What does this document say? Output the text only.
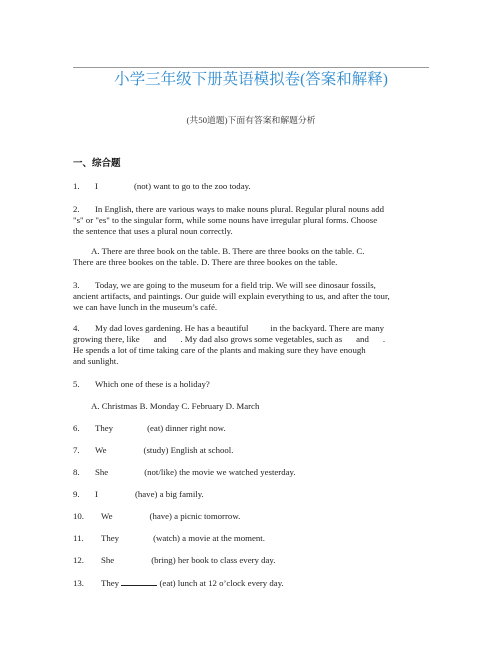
小学三年级下册英语模拟卷(答案和解释)
(共50道题)下面有答案和解题分析
一、综合题
1. I	(not) want to go to the zoo today.
2. In English, there are various ways to make nouns plural. Regular plural nouns add
"s" or "es" to the singular form, while some nouns have irregular plural forms. Choose
the sentence that uses a plural noun correctly.
A. There are three book on the table. B. There are three books on the table. C.
There are three bookes on the table. D. There are three bookes on the table.
3. Today, we are going to the museum for a field trip. We will see dinosaur fossils,
ancient artifacts, and paintings. Our guide will explain everything to us, and after the tour,
we can have lunch in the museum’s café.
4. My dad loves gardening. He has a beautiful	in the backyard. There are many
growing there, like and . My dad also grows some vegetables, such as and .
He spends a lot of time taking care of the plants and making sure they have enough
and sunlight.
5. Which one of these is a holiday?
A. Christmas B. Monday C. February D. March
6. They	(eat) dinner right now.
7. We	(study) English at school.
8. She	(not/like) the movie we watched yesterday.
9. I	(have) a big family.
10. We	(have) a picnic tomorrow.
11. They	(watch) a movie at the moment.
12. She	(bring) her book to class every day.
13. They	(eat) lunch at 12 o’clock every day.
